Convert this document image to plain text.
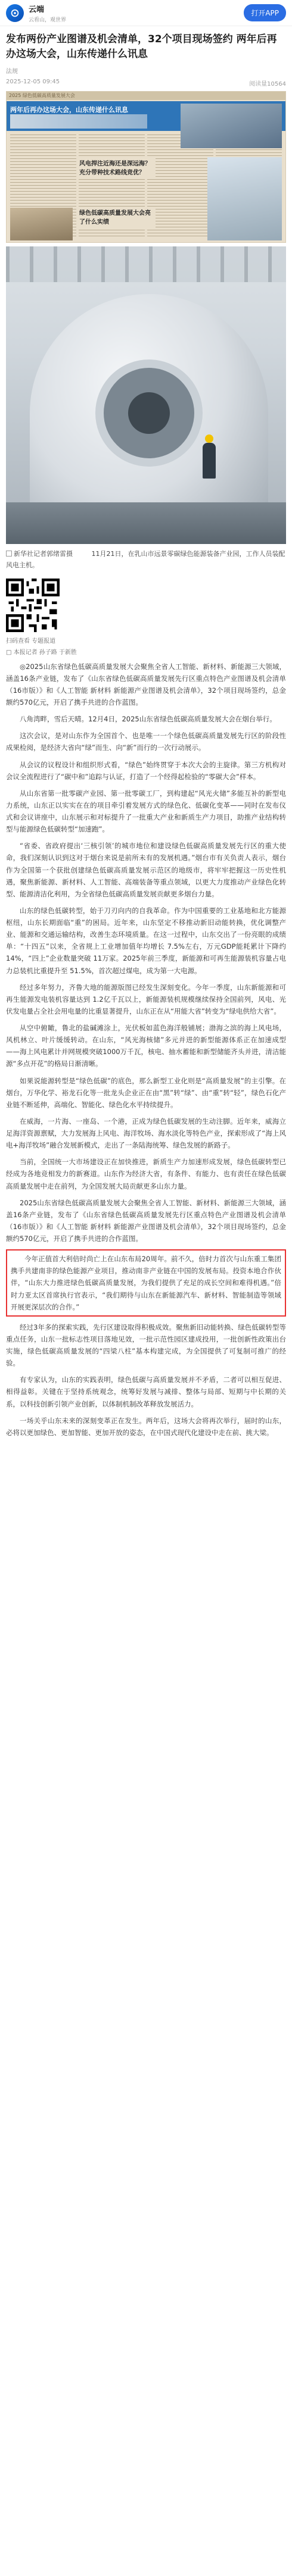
云端
云看山，观世界
打开APP
发布两份产业图谱及机会清单，32个项目现场签约 两年后再办这场大会，山东传递什么讯息
法规
2025-12-05 09:45	阅读量10564
2025 绿色低碳高质量发展大会
两年后再办这场大会，山东传递什么讯息
风电捍注近海还是深远海？充分带种技术路线竞优？
绿色低碳高质量发展大会亮了什么实绩

新华社记者郭绪雷摄	11月21日，在乳山市远景零碳绿色能源装备产业园，工作人员装配风电主机。

扫码查看 专题报道
□ 本报记者 孙子路 于新胜

◎2025山东省绿色低碳高质量发展大会聚焦全省人工智能、新材料、新能源三大领域，涵盖16条产业链，发布了《山东省绿色低碳高质量发展先行区重点特色产业图谱及机会清单（16市版）》和《人工智能 新材料 新能源产业图谱及机会清单》，32个项目现场签约，总金额约570亿元，开启了携手共进的合作蓝图。

八角湾畔，雪后天晴。12月4日，2025山东省绿色低碳高质量发展大会在烟台举行。

这次会议，是对山东作为全国首个、也是唯一一个绿色低碳高质量发展先行区的阶段性成果检阅，是经济大省向“绿”而生、向“新”而行的一次行动展示。

从会议的议程设计和组织形式看，“绿色”始终贯穿于本次大会的主旋律。第三方机构对会议全流程进行了“碳中和”追踪与认证，打造了一个经得起检验的“零碳大会”样本。

从山东省第一批零碳产业园、第一批零碳工厂，到构建起“风光火储”多能互补的新型电力系统，山东正以实实在在的项目牵引着发展方式的绿色化、低碳化变革——同时在发布仪式和会议讲座中，山东展示和对标提升了一批重大产业和新质生产力项目，助推产业结构转型与能源绿色低碳转型“加速跑”。

“省委、省政府提出‘三核引领’的城市地位和建设绿色低碳高质量发展先行区的重大使命，我们深刻认识到这对于烟台来说是前所未有的发展机遇。”烟台市有关负责人表示，烟台作为全国第一个获批创建绿色低碳高质量发展示范区的地级市，将牢牢把握这一历史性机遇，聚焦新能源、新材料、人工智能、高端装备等重点领域，以更大力度推动产业绿色化转型、能源清洁化利用，为全省绿色低碳高质量发展贡献更多烟台力量。

山东的绿色低碳转型，始于刀刃向内的自我革命。作为中国重要的工业基地和北方能源枢纽，山东长期面临“重”的困局。近年来，山东坚定不移推动新旧动能转换，优化调整产业、能源和交通运输结构，改善生态环境质量。在这一过程中，山东交出了一份亮眼的成绩单：“十四五”以来，全省规上工业增加值年均增长 7.5%左右，万元GDP能耗累计下降约 14%，“四上”企业数量突破 11万家。2025年前三季度，新能源和可再生能源装机容量占电力总装机比重提升至 51.5%，首次超过煤电，成为第一大电源。

经过多年努力，齐鲁大地的能源版图已经发生深刻变化。今年一季度，山东新能源和可再生能源发电装机容量达到 1.2亿千瓦以上，新能源装机规模继续保持全国前列，风电、光伏发电量占全社会用电量的比重显著提升，山东正在从“用能大省”转变为“绿电供给大省”。

从空中俯瞰，鲁北的盐碱滩涂上，光伏板如蓝色海洋般铺展；渤海之滨的海上风电场，风机林立、叶片缓缓转动。在山东，“风光海核储”多元并进的新型能源体系正在加速成型——海上风电累计并网规模突破1000万千瓦，核电、抽水蓄能和新型储能齐头并进，清洁能源“多点开花”的格局日渐清晰。

如果说能源转型是“绿色低碳”的底色，那么新型工业化则是“高质量发展”的主引擎。在烟台，万华化学、裕龙石化等一批龙头企业正在由“黑”转“绿”、由“重”转“轻”，绿色石化产业链不断延伸，高端化、智能化、绿色化水平持续提升。

在威海，一片海、一座岛、一个港，正成为绿色低碳发展的生动注脚。近年来，威海立足海洋资源禀赋，大力发展海上风电、海洋牧场、海水淡化等特色产业，探索形成了“海上风电+海洋牧场”融合发展新模式，走出了一条陆海统筹、绿色发展的新路子。

当前，全国统一大市场建设正在加快推进，新质生产力加速形成发展，绿色低碳转型已经成为各地竞相发力的新赛道。山东作为经济大省，有条件、有能力、也有责任在绿色低碳高质量发展中走在前列，为全国发展大局贡献更多山东力量。

2025山东省绿色低碳高质量发展大会聚焦全省人工智能、新材料、新能源三大领域，涵盖16条产业链，发布了《山东省绿色低碳高质量发展先行区重点特色产业图谱及机会清单（16市版）》和《人工智能 新材料 新能源产业图谱及机会清单》，32个项目现场签约，总金额约570亿元，开启了携手共进的合作蓝图。

今年正值首大利倍时尚亡上在山东布局20周年。前不久，倍时力首次与山东重工集团携手共建南非的绿色能源产业项目，推动南非产业链在中国的发展布局。投资本地合作伙伴，“山东大力推进绿色低碳高质量发展，为我们提供了充足的成长空间和难得机遇。”倍时力亚太区首席执行官表示，“我们期待与山东在新能源汽车、新材料、智能制造等领域开展更深层次的合作。”

经过3年多的探索实践，先行区建设取得积极成效。聚焦新旧动能转换、绿色低碳转型等重点任务，山东一批标志性项目落地见效，一批示范性园区建成投用，一批创新性政策出台实施，绿色低碳高质量发展的“四梁八柱”基本构建完成，为全国提供了可复制可推广的经验。

有专家认为，山东的实践表明，绿色低碳与高质量发展并不矛盾，二者可以相互促进、相得益彰。关键在于坚持系统观念，统筹好发展与减排、整体与局部、短期与中长期的关系，以科技创新引领产业创新，以体制机制改革释放发展活力。

一场关乎山东未来的深刻变革正在发生。两年后，这场大会将再次举行，届时的山东，必将以更加绿色、更加智能、更加开放的姿态，在中国式现代化建设中走在前、挑大梁。
